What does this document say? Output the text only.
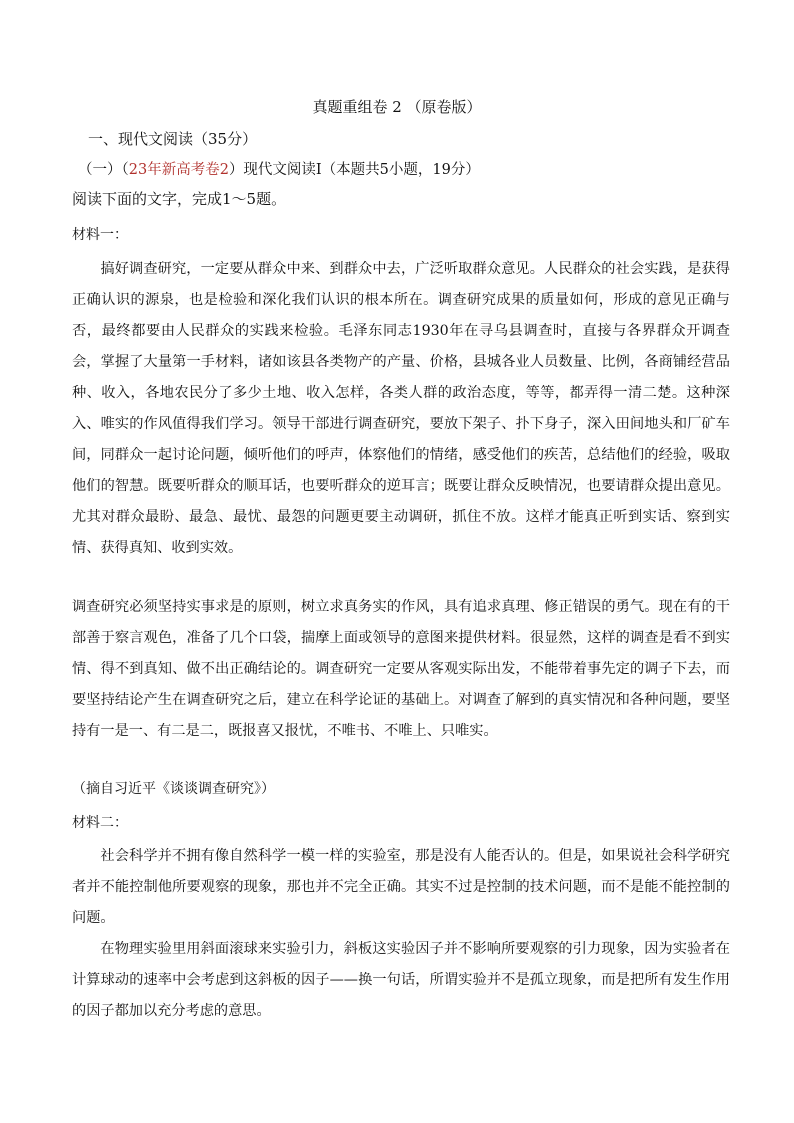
真题重组卷 2 （原卷版）
一、现代文阅读（35分）
（一）（23年新高考卷2）现代文阅读Ⅰ（本题共5小题，19分）
阅读下面的文字，完成1～5题。
材料一：

搞好调查研究，一定要从群众中来、到群众中去，广泛听取群众意见。人民群众的社会实践，是获得正确认识的源泉，也是检验和深化我们认识的根本所在。调查研究成果的质量如何，形成的意见正确与否，最终都要由人民群众的实践来检验。毛泽东同志1930年在寻乌县调查时，直接与各界群众开调查会，掌握了大量第一手材料，诸如该县各类物产的产量、价格，县城各业人员数量、比例，各商铺经营品种、收入，各地农民分了多少土地、收入怎样，各类人群的政治态度，等等，都弄得一清二楚。这种深入、唯实的作风值得我们学习。领导干部进行调查研究，要放下架子、扑下身子，深入田间地头和厂矿车间，同群众一起讨论问题，倾听他们的呼声，体察他们的情绪，感受他们的疾苦，总结他们的经验，吸取他们的智慧。既要听群众的顺耳话，也要听群众的逆耳言；既要让群众反映情况，也要请群众提出意见。尤其对群众最盼、最急、最忧、最怨的问题更要主动调研，抓住不放。这样才能真正听到实话、察到实情、获得真知、收到实效。

调查研究必须坚持实事求是的原则，树立求真务实的作风，具有追求真理、修正错误的勇气。现在有的干部善于察言观色，准备了几个口袋，揣摩上面或领导的意图来提供材料。很显然，这样的调查是看不到实情、得不到真知、做不出正确结论的。调查研究一定要从客观实际出发，不能带着事先定的调子下去，而要坚持结论产生在调查研究之后，建立在科学论证的基础上。对调查了解到的真实情况和各种问题，要坚持有一是一、有二是二，既报喜又报忧，不唯书、不唯上、只唯实。

（摘自习近平《谈谈调查研究》）
材料二：

社会科学并不拥有像自然科学一模一样的实验室，那是没有人能否认的。但是，如果说社会科学研究者并不能控制他所要观察的现象，那也并不完全正确。其实不过是控制的技术问题，而不是能不能控制的问题。

在物理实验里用斜面滚球来实验引力，斜板这实验因子并不影响所要观察的引力现象，因为实验者在计算球动的速率中会考虑到这斜板的因子——换一句话，所谓实验并不是孤立现象，而是把所有发生作用的因子都加以充分考虑的意思。
